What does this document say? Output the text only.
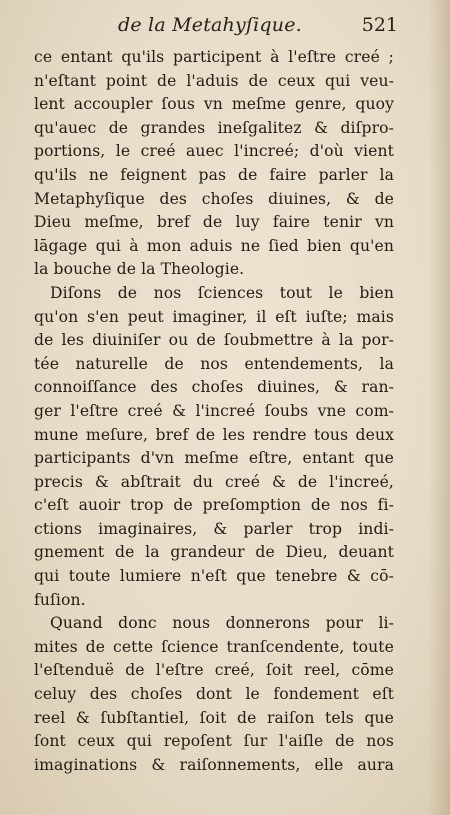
de la Metahyſique.	521
ce entant qu'ils participent à l'eſtre creé ;
n'eſtant point de l'aduis de ceux qui veu-
lent accoupler ſous vn meſme genre, quoy
qu'auec de grandes ineſgalitez & diſpro-
portions, le creé auec l'increé; d'où vient
qu'ils ne feignent pas de faire parler la
Metaphyſique des choſes diuines, & de
Dieu meſme, bref de luy faire tenir vn
lāgage qui à mon aduis ne ſied bien qu'en
la bouche de la Theologie.
Diſons de nos ſciences tout le bien
qu'on s'en peut imaginer, il eſt iuſte; mais
de les diuiniſer ou de ſoubmettre à la por-
tée naturelle de nos entendements, la
connoiſſance des choſes diuines, & ran-
ger l'eſtre creé & l'increé ſoubs vne com-
mune meſure, bref de les rendre tous deux
participants d'vn meſme eſtre, entant que
precis & abſtrait du creé & de l'increé,
c'eſt auoir trop de preſomption de nos fi-
ctions imaginaires, & parler trop indi-
gnement de la grandeur de Dieu, deuant
qui toute lumiere n'eſt que tenebre & cō-
fuſion.
Quand donc nous donnerons pour li-
mites de cette ſcience tranſcendente, toute
l'eſtenduë de l'eſtre creé, ſoit reel, cōme
celuy des choſes dont le fondement eſt
reel & ſubſtantiel, ſoit de raiſon tels que
ſont ceux qui repoſent ſur l'aiſle de nos
imaginations & raiſonnements, elle aura
